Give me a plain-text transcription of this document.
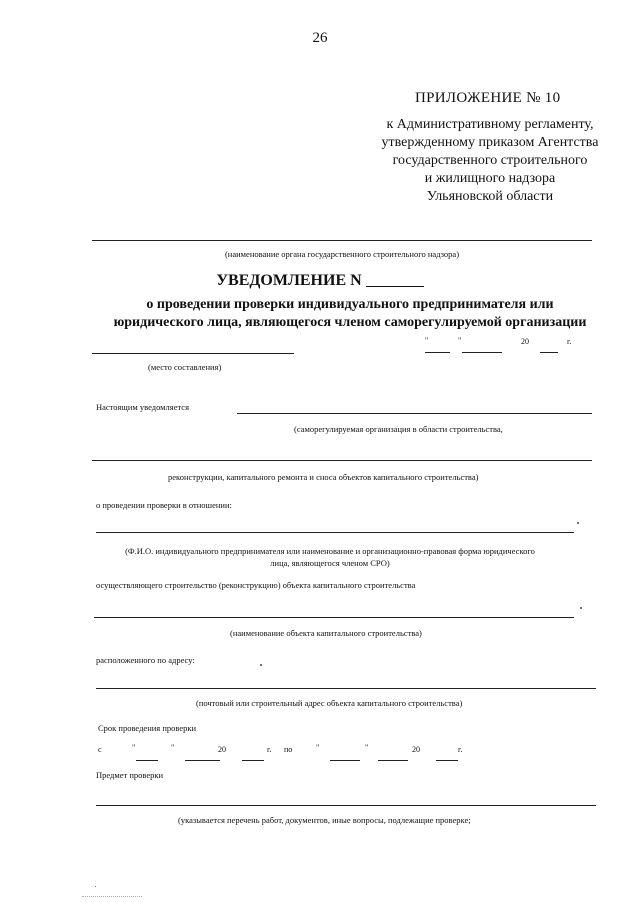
26
ПРИЛОЖЕНИЕ № 10
к Административному регламенту,
утвержденному приказом Агентства
государственного строительного
и жилищного надзора
Ульяновской области
(наименование органа государственного строительного надзора)
УВЕДОМЛЕНИЕ N
о проведении проверки индивидуального предпринимателя или
юридического лица, являющегося членом саморегулируемой организации
"	"	20	г.
(место составления)
Настоящим уведомляется
(саморегулируемая организация в области строительства,
реконструкции, капитального ремонта и сноса объектов капитального строительства)
о проведении проверки в отношении:
(Ф.И.О. индивидуального предпринимателя или наименование и организационно-правовая форма юридического
лица, являющегося членом СРО)
осуществляющего строительство (реконструкцию) объекта капитального строительства
(наименование объекта капитального строительства)
расположенного по адресу:
(почтовый или строительный адрес объекта капитального строительства)
Срок проведения проверки
с	"	"	20	г. по	"	"	20	г.
Предмет проверки
(указывается перечень работ, документов, иные вопросы, подлежащие проверке;
